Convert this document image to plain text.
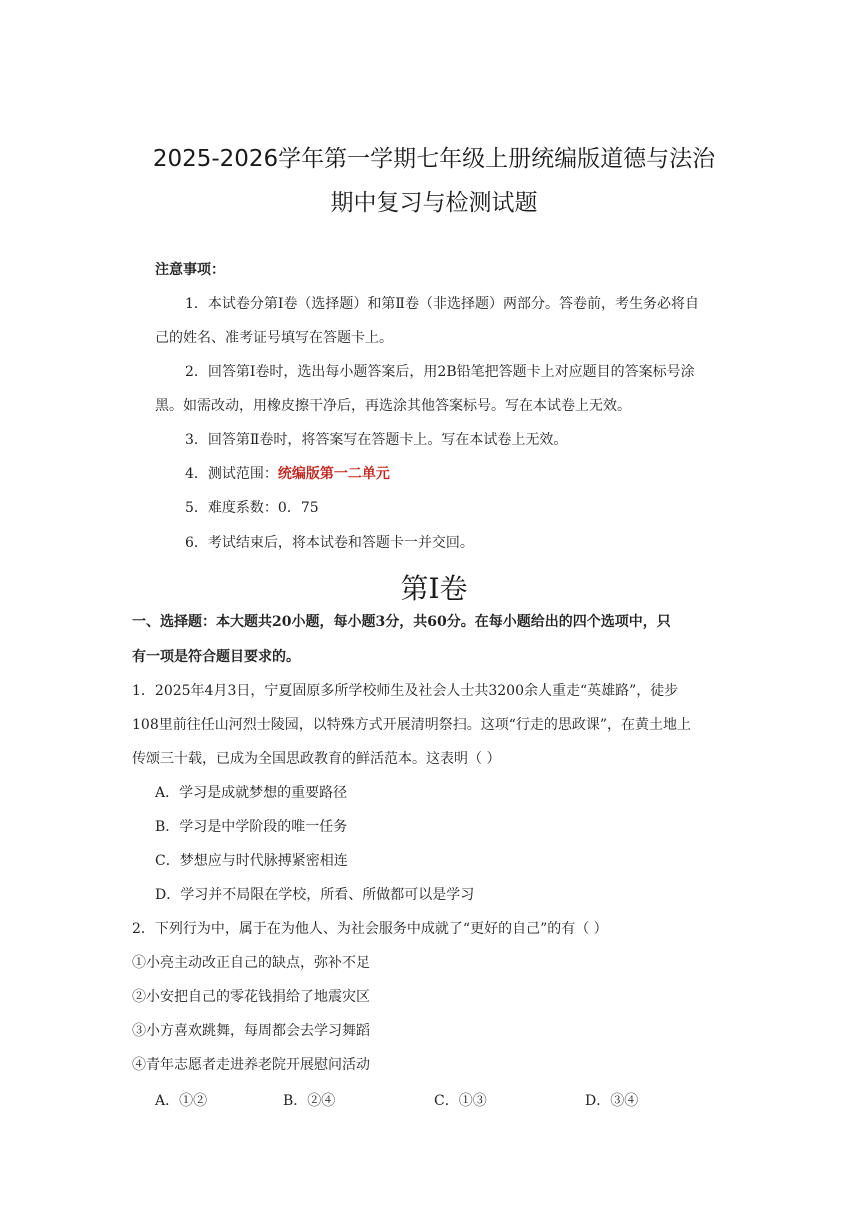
2025-2026学年第一学期七年级上册统编版道德与法治
期中复习与检测试题
注意事项：
1．本试卷分第Ⅰ卷（选择题）和第Ⅱ卷（非选择题）两部分。答卷前，考生务必将自
己的姓名、准考证号填写在答题卡上。
2．回答第Ⅰ卷时，选出每小题答案后，用2B铅笔把答题卡上对应题目的答案标号涂
黑。如需改动，用橡皮擦干净后，再选涂其他答案标号。写在本试卷上无效。
3．回答第Ⅱ卷时，将答案写在答题卡上。写在本试卷上无效。
4．测试范围：统编版第一二单元
5．难度系数：0．75
6．考试结束后，将本试卷和答题卡一并交回。
第Ⅰ卷
一、选择题：本大题共20小题，每小题3分，共60分。在每小题给出的四个选项中，只
有一项是符合题目要求的。
1．2025年4月3日，宁夏固原多所学校师生及社会人士共3200余人重走“英雄路”，徒步
108里前往任山河烈士陵园，以特殊方式开展清明祭扫。这项“行走的思政课”，在黄土地上
传颂三十载，已成为全国思政教育的鲜活范本。这表明（ ）
A．学习是成就梦想的重要路径
B．学习是中学阶段的唯一任务
C．梦想应与时代脉搏紧密相连
D．学习并不局限在学校，所看、所做都可以是学习
2．下列行为中，属于在为他人、为社会服务中成就了“更好的自己”的有（ ）
①小亮主动改正自己的缺点，弥补不足
②小安把自己的零花钱捐给了地震灾区
③小方喜欢跳舞，每周都会去学习舞蹈
④青年志愿者走进养老院开展慰问活动
A．①②	B．②④	C．①③	D．③④
